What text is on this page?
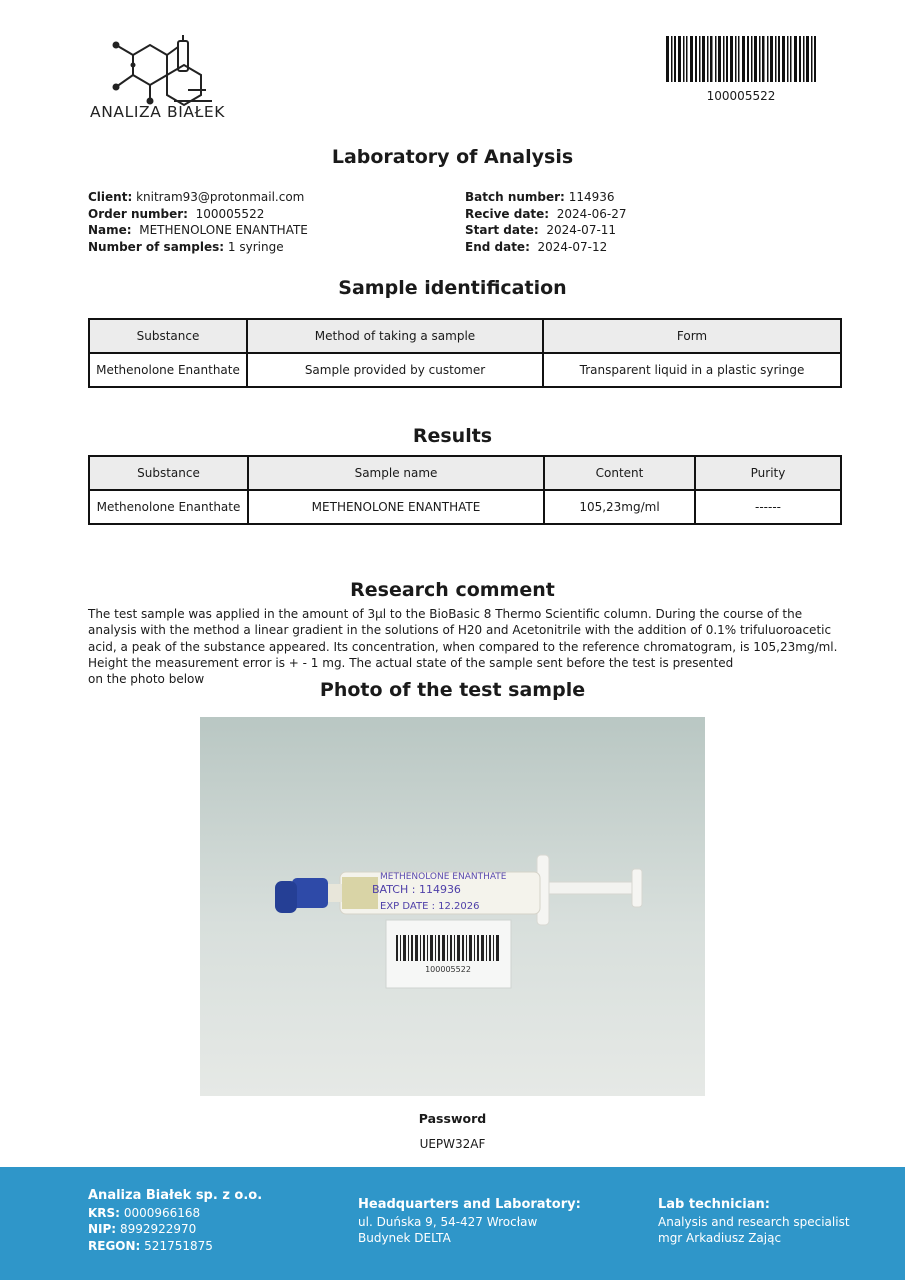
ANALIZA BIAŁEK
100005522
Laboratory of Analysis
Client: knitram93@protonmail.com
Order number: 100005522
Name: METHENOLONE ENANTHATE
Number of samples: 1 syringe
Batch number: 114936
Recive date: 2024-06-27
Start date: 2024-07-11
End date: 2024-07-12
Sample identification
Substance	Method of taking a sample	Form
Methenolone Enanthate	Sample provided by customer	Transparent liquid in a plastic syringe
Results
Substance	Sample name	Content	Purity
Methenolone Enanthate	METHENOLONE ENANTHATE	105,23mg/ml	------
Research comment
The test sample was applied in the amount of 3μl to the BioBasic 8 Thermo Scientific column. During the course of the
analysis with the method a linear gradient in the solutions of H20 and Acetonitrile with the addition of 0.1% trifuluoroacetic
acid, a peak of the substance appeared. Its concentration, when compared to the reference chromatogram, is 105,23mg/ml.
Height the measurement error is + - 1 mg. The actual state of the sample sent before the test is presented
on the photo below	Photo of the test sample
100005522
METHENOLONE ENANTHATE
BATCH : 114936
EXP DATE : 12.2026
Password
UEPW32AF
Analiza Białek sp. z o.o.
KRS: 0000966168
NIP: 8992922970
REGON: 521751875
Headquarters and Laboratory:
ul. Duńska 9, 54-427 Wrocław
Budynek DELTA
Lab technician:
Analysis and research specialist
mgr Arkadiusz Zając
